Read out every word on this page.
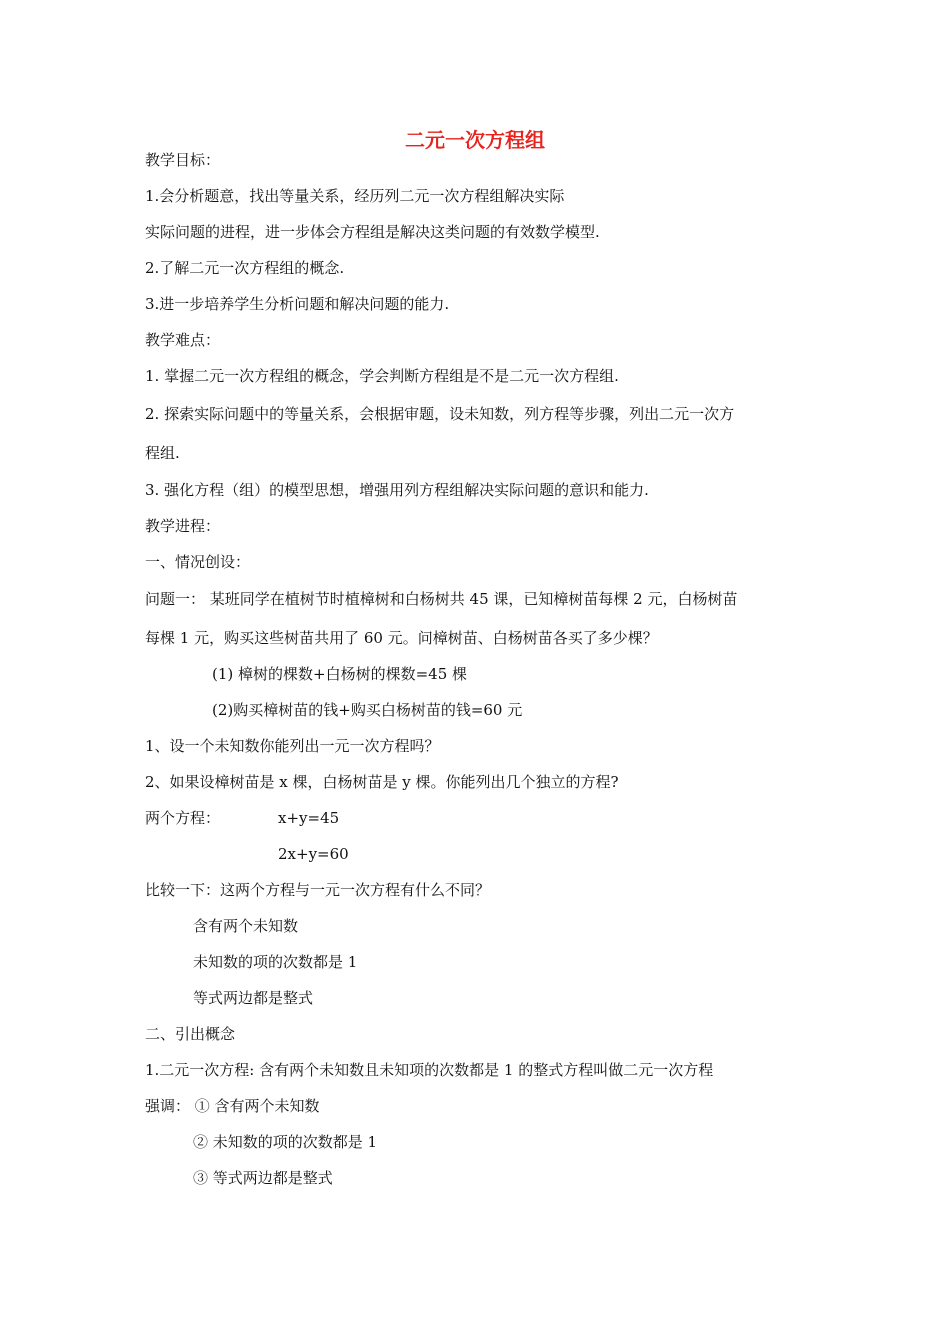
二元一次方程组
教学目标：
1.会分析题意，找出等量关系，经历列二元一次方程组解决实际
实际问题的进程，进一步体会方程组是解决这类问题的有效数学模型.
2.了解二元一次方程组的概念.
3.进一步培养学生分析问题和解决问题的能力.
教学难点：
1. 掌握二元一次方程组的概念，学会判断方程组是不是二元一次方程组.
2. 探索实际问题中的等量关系，会根据审题，设未知数，列方程等步骤，列出二元一次方
程组.
3. 强化方程（组）的模型思想，增强用列方程组解决实际问题的意识和能力.
教学进程：
一、情况创设：
问题一： 某班同学在植树节时植樟树和白杨树共 45 课，已知樟树苗每棵 2 元，白杨树苗
每棵 1 元，购买这些树苗共用了 60 元。问樟树苗、白杨树苗各买了多少棵？
(1) 樟树的棵数+白杨树的棵数=45 棵
(2)购买樟树苗的钱+购买白杨树苗的钱=60 元
1、设一个未知数你能列出一元一次方程吗？
2、如果设樟树苗是 x 棵，白杨树苗是 y 棵。你能列出几个独立的方程?
两个方程：	x+y=45
2x+y=60
比较一下：这两个方程与一元一次方程有什么不同？
含有两个未知数
未知数的项的次数都是 1
等式两边都是整式
二、引出概念
1.二元一次方程: 含有两个未知数且未知项的次数都是 1 的整式方程叫做二元一次方程
强调： ① 含有两个未知数
② 未知数的项的次数都是 1
③ 等式两边都是整式
